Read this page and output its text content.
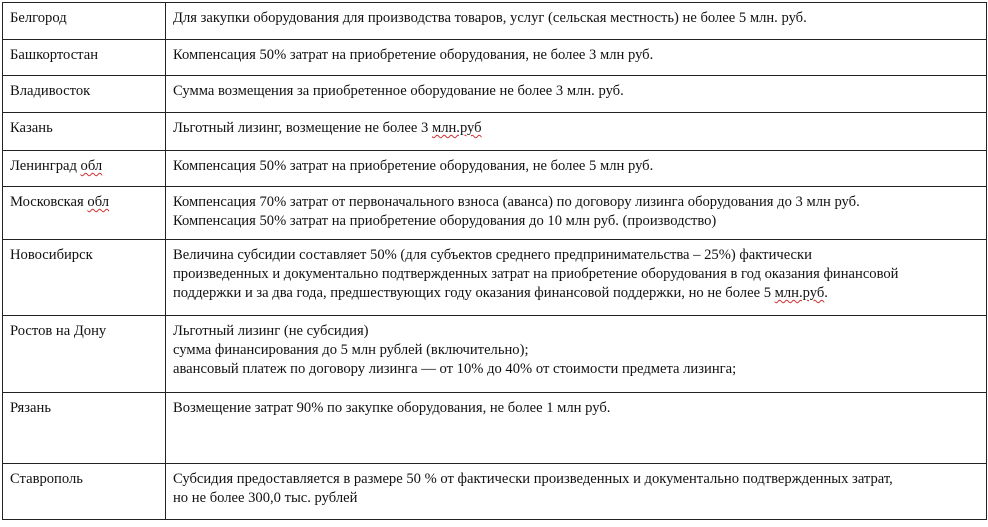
Белгород	Для закупки оборудования для производства товаров, услуг (сельская местность) не более 5 млн. руб.

Башкортостан	Компенсация 50% затрат на приобретение оборудования, не более 3 млн руб.

Владивосток	Сумма возмещения за приобретенное оборудование не более 3 млн. руб.

Казань	Льготный лизинг, возмещение не более 3 млн.руб

Ленинград обл	Компенсация 50% затрат на приобретение оборудования, не более 5 млн руб.

Московская обл	Компенсация 70% затрат от первоначального взноса (аванса) по договору лизинга оборудования до 3 млн руб.
Компенсация 50% затрат на приобретение оборудования до 10 млн руб. (производство)

Новосибирск	Величина субсидии составляет 50% (для субъектов среднего предпринимательства – 25%) фактически
произведенных и документально подтвержденных затрат на приобретение оборудования в год оказания финансовой
поддержки и за два года, предшествующих году оказания финансовой поддержки, но не более 5 млн.руб.

Ростов на Дону	Льготный лизинг (не субсидия)
сумма финансирования до 5 млн рублей (включительно);
авансовый платеж по договору лизинга — от 10% до 40% от стоимости предмета лизинга;

Рязань	Возмещение затрат 90% по закупке оборудования, не более 1 млн руб.

Ставрополь	Субсидия предоставляется в размере 50 % от фактически произведенных и документально подтвержденных затрат,
но не более 300,0 тыс. рублей
